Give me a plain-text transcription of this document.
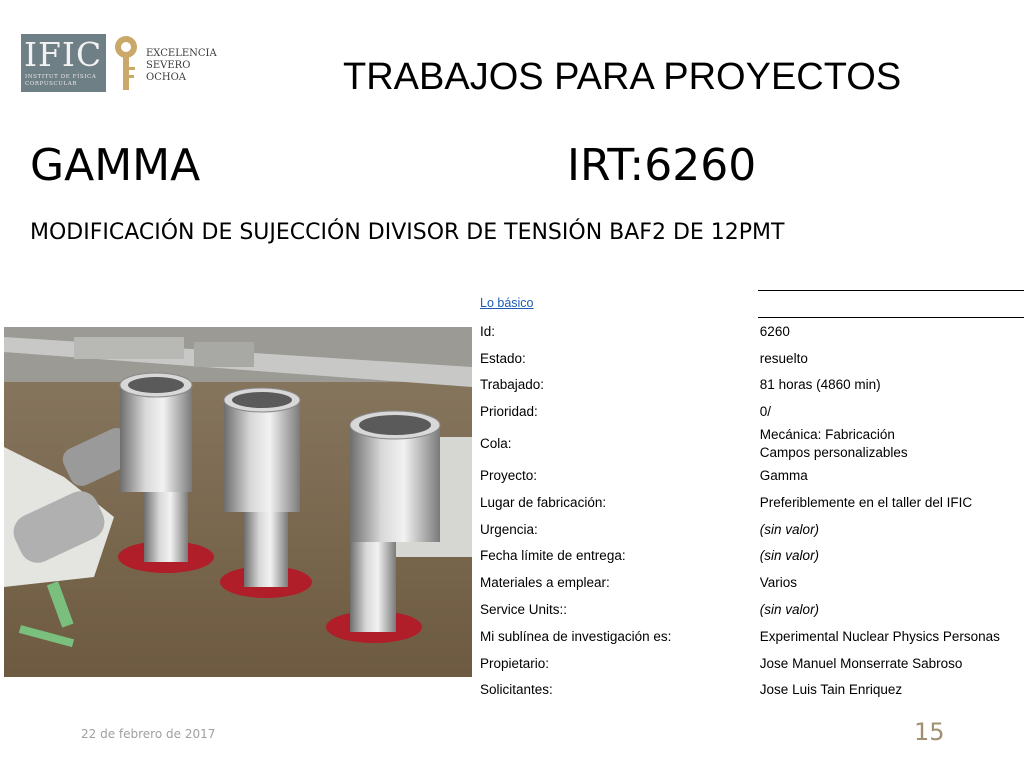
IFIC
INSTITUT DE FÍSICA CORPUSCULAR
EXCELENCIA
SEVERO
OCHOA	TRABAJOS PARA PROYECTOS
GAMMA	IRT:6260
MODIFICACIÓN DE SUJECCIÓN DIVISOR DE TENSIÓN BAF2 DE 12PMT
Lo básico
Id:	6260
Estado:	resuelto
Trabajado:	81 horas (4860 min)
Prioridad:	0/
Cola:	Mecánica: Fabricación
Campos personalizables

Proyecto:	Gamma
Lugar de fabricación:	Preferiblemente en el taller del IFIC
Urgencia:	(sin valor)
Fecha límite de entrega:	(sin valor)
Materiales a emplear:	Varios
Service Units::	(sin valor)
Mi sublínea de investigación es:	Experimental Nuclear Physics Personas
Propietario:	Jose Manuel Monserrate Sabroso
Solicitantes:	Jose Luis Tain Enriquez
22 de febrero de 2017	15
